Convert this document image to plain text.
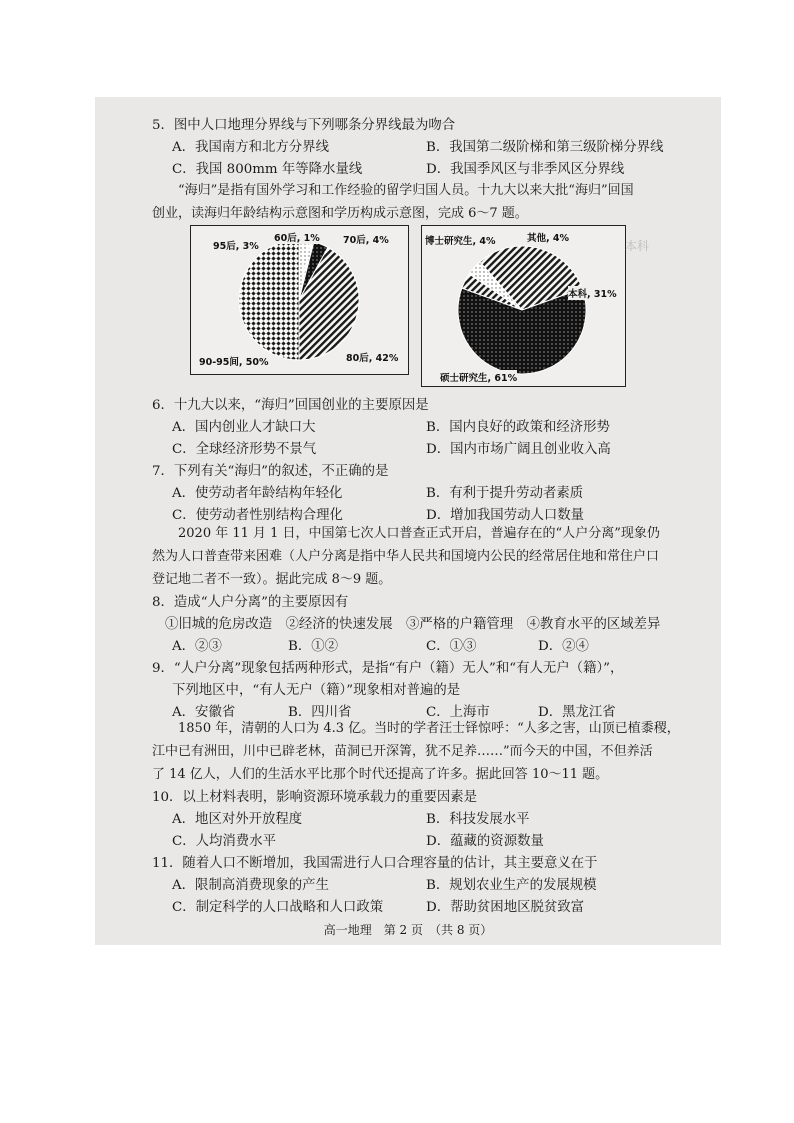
5．图中人口地理分界线与下列哪条分界线最为吻合
A．我国南方和北方分界线	B．我国第二级阶梯和第三级阶梯分界线
C．我国 800mm 年等降水量线	D．我国季风区与非季风区分界线

“海归”是指有国外学习和工作经验的留学归国人员。十九大以来大批“海归”回国

创业，读海归年龄结构示意图和学历构成示意图，完成 6～7 题。
95后, 3%
60后, 1% 70后, 4%
90-95间, 50%	80后, 42%
博士研究生, 4%	其他, 4%
本科, 31%
硕士研究生, 61%
本科
6．十九大以来，“海归”回国创业的主要原因是
A．国内创业人才缺口大	B．国内良好的政策和经济形势
C．全球经济形势不景气	D．国内市场广阔且创业收入高
7．下列有关“海归”的叙述，不正确的是
A．使劳动者年龄结构年轻化	B．有利于提升劳动者素质
C．使劳动者性别结构合理化	D．增加我国劳动人口数量

2020 年 11 月 1 日，中国第七次人口普查正式开启，普遍存在的“人户分离”现象仍

然为人口普查带来困难（人户分离是指中华人民共和国境内公民的经常居住地和常住户口
登记地二者不一致）。据此完成 8～9 题。
8．造成“人户分离”的主要原因有
①旧城的危房改造　②经济的快速发展　③严格的户籍管理　④教育水平的区域差异
A．②③	B．①②	C．①③	D．②④
9．“人户分离”现象包括两种形式，是指“有户（籍）无人”和“有人无户（籍）”，
下列地区中，“有人无户（籍）”现象相对普遍的是
A．安徽省	B．四川省	C．上海市	D．黑龙江省

1850 年，清朝的人口为 4.3 亿。当时的学者汪士铎惊呼：“人多之害，山顶已植黍稷，

江中已有洲田，川中已辟老林，苗洞已开深箐，犹不足养……”而今天的中国，不但养活
了 14 亿人，人们的生活水平比那个时代还提高了许多。据此回答 10～11 题。
10．以上材料表明，影响资源环境承载力的重要因素是
A．地区对外开放程度	B．科技发展水平
C．人均消费水平	D．蕴藏的资源数量
11．随着人口不断增加，我国需进行人口合理容量的估计，其主要意义在于
A．限制高消费现象的产生	B．规划农业生产的发展规模
C．制定科学的人口战略和人口政策	D．帮助贫困地区脱贫致富
高一地理　第 2 页　（共 8 页）
